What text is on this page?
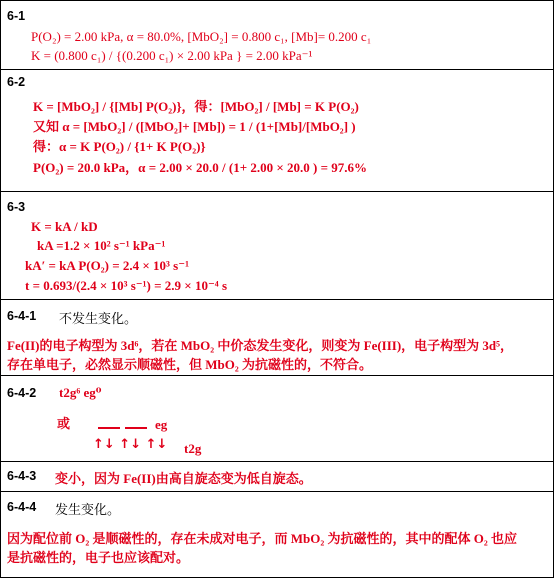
6-1
P(O₂) = 2.00 kPa, α = 80.0%, [MbO₂] = 0.800 c₁, [Mb]= 0.200 c₁
K = (0.800 c₁) / {(0.200 c₁) × 2.00 kPa } = 2.00 kPa⁻¹
6-2
K = [MbO₂] / {[Mb] P(O₂)}，得：[MbO₂] / [Mb] = K P(O₂)
又知 α = [MbO₂] / ([MbO₂]+ [Mb]) = 1 / (1+[Mb]/[MbO₂] )
得：α = K P(O₂) / {1+ K P(O₂)}
P(O₂) = 20.0 kPa，α = 2.00 × 20.0 / (1+ 2.00 × 20.0 ) = 97.6%
6-3
K = kA / kD
kA =1.2 × 10² s⁻¹ kPa⁻¹
kA′ = kA P(O₂) = 2.4 × 10³ s⁻¹
t = 0.693/(2.4 × 10³ s⁻¹) = 2.9 × 10⁻⁴ s
6-4-1 不发生变化。
Fe(II)的电子构型为 3d⁶，若在 MbO₂ 中价态发生变化，则变为 Fe(III)，电子构型为 3d⁵，
存在单电子，必然显示顺磁性，但 MbO₂ 为抗磁性的，不符合。
6-4-2 t2g⁶ eg⁰
或	eg
↑↓ ↑↓ ↑↓ t2g
6-4-3 变小，因为 Fe(II)由高自旋态变为低自旋态。
6-4-4 发生变化。
因为配位前 O₂ 是顺磁性的，存在未成对电子，而 MbO₂ 为抗磁性的，其中的配体 O₂ 也应
是抗磁性的，电子也应该配对。
